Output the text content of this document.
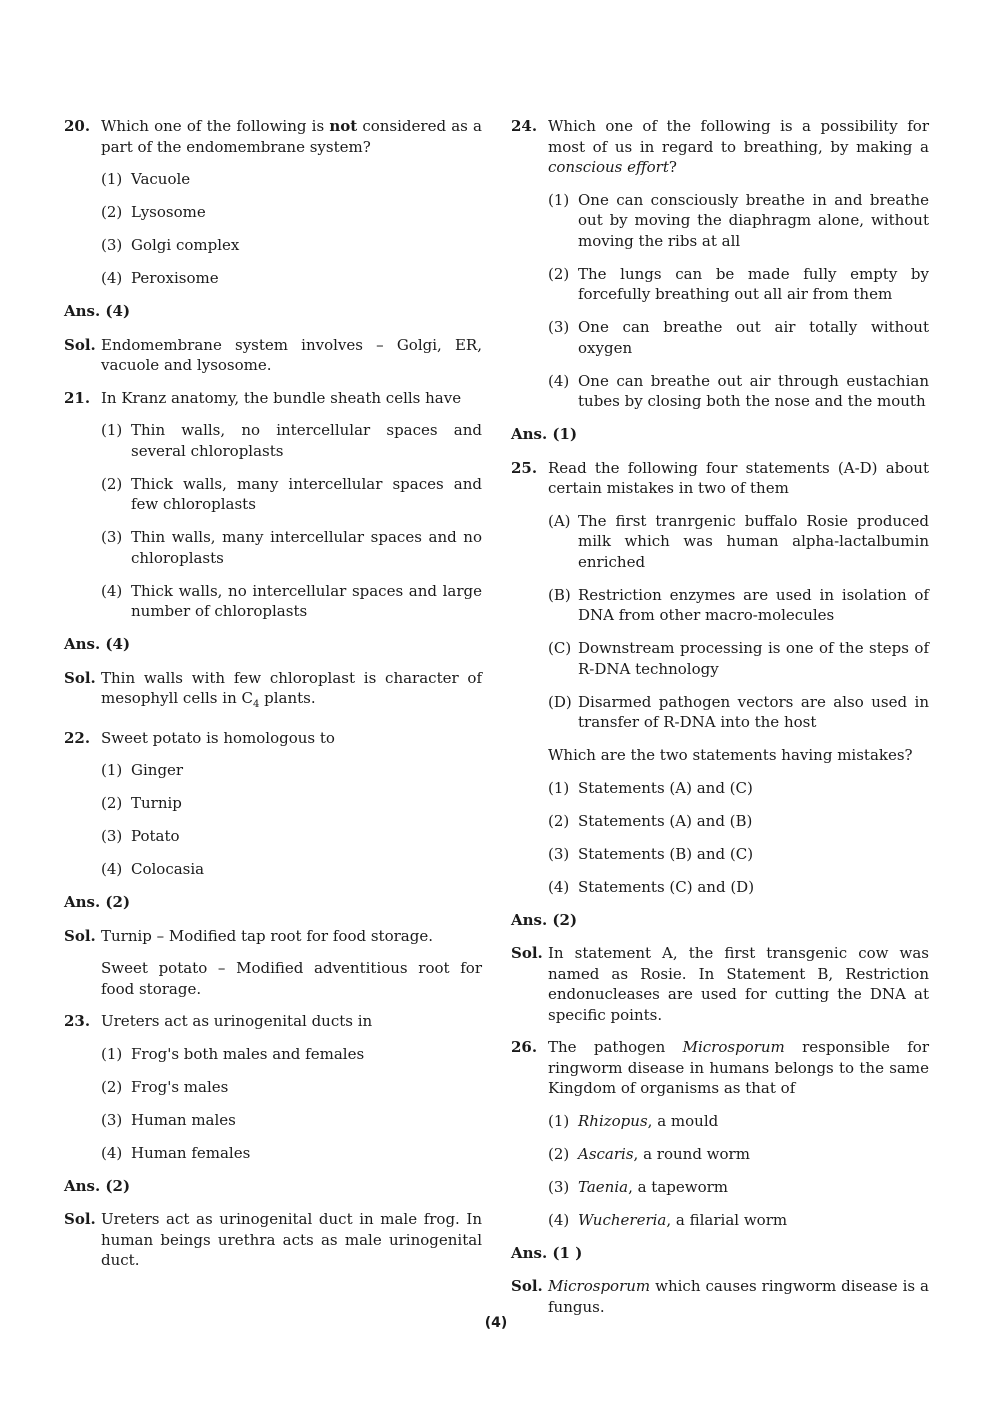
20. Which one of the following is not considered as a part of the endomembrane system?
(1) Vacuole
(2) Lysosome
(3) Golgi complex
(4) Peroxisome
Ans. (4)
Sol. Endomembrane system involves – Golgi, ER, vacuole and lysosome.
21. In Kranz anatomy, the bundle sheath cells have
(1) Thin walls, no intercellular spaces and several chloroplasts
(2) Thick walls, many intercellular spaces and few chloroplasts
(3) Thin walls, many intercellular spaces and no chloroplasts
(4) Thick walls, no intercellular spaces and large number of chloroplasts
Ans. (4)
Sol. Thin walls with few chloroplast is character of mesophyll cells in $C_4$ plants.
22. Sweet potato is homologous to
(1) Ginger
(2) Turnip
(3) Potato
(4) Colocasia
Ans. (2)
Sol. Turnip – Modified tap root for food storage.
Sweet potato – Modified adventitious root for food storage.
23. Ureters act as urinogenital ducts in
(1) Frog's both males and females
(2) Frog's males
(3) Human males
(4) Human females
Ans. (2)
Sol. Ureters act as urinogenital duct in male frog. In human beings urethra acts as male urinogenital duct.
24. Which one of the following is a possibility for most of us in regard to breathing, by making a conscious effort?
(1) One can consciously breathe in and breathe out by moving the diaphragm alone, without moving the ribs at all
(2) The lungs can be made fully empty by forcefully breathing out all air from them
(3) One can breathe out air totally without oxygen
(4) One can breathe out air through eustachian tubes by closing both the nose and the mouth
Ans. (1)
25. Read the following four statements (A-D) about certain mistakes in two of them
(A) The first tranrgenic buffalo Rosie produced milk which was human alpha-lactalbumin enriched
(B) Restriction enzymes are used in isolation of DNA from other macro-molecules
(C) Downstream processing is one of the steps of R-DNA technology
(D) Disarmed pathogen vectors are also used in transfer of R-DNA into the host
Which are the two statements having mistakes?
(1) Statements (A) and (C)
(2) Statements (A) and (B)
(3) Statements (B) and (C)
(4) Statements (C) and (D)
Ans. (2)
Sol. In statement A, the first transgenic cow was named as Rosie. In Statement B, Restriction endonucleases are used for cutting the DNA at specific points.
26. The pathogen Microsporum responsible for ringworm disease in humans belongs to the same Kingdom of organisms as that of
(1) Rhizopus, a mould
(2) Ascaris, a round worm
(3) Taenia, a tapeworm
(4) Wuchereria, a filarial worm
Ans. (1 )
Sol. Microsporum which causes ringworm disease is a fungus.
(4)
